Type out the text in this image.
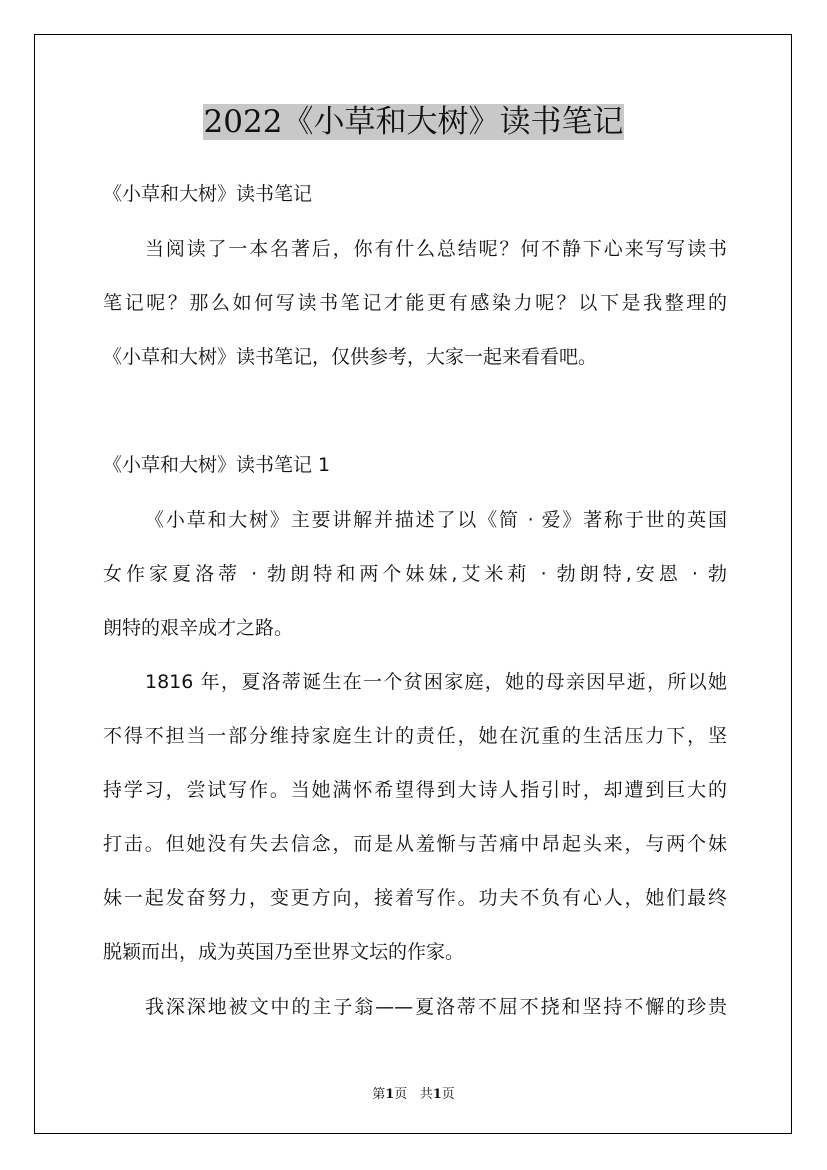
2022《小草和大树》读书笔记
《小草和大树》读书笔记
当阅读了一本名著后，你有什么总结呢？何不静下心来写写读书
笔记呢？那么如何写读书笔记才能更有感染力呢？以下是我整理的
《小草和大树》读书笔记，仅供参考，大家一起来看看吧。
《小草和大树》读书笔记 1
《小草和大树》主要讲解并描述了以《简 · 爱》著称于世的英国
女作家夏洛蒂 · 勃朗特和两个妹妹,艾米莉 · 勃朗特,安恩 · 勃
朗特的艰辛成才之路。
1816 年，夏洛蒂诞生在一个贫困家庭，她的母亲因早逝，所以她
不得不担当一部分维持家庭生计的责任，她在沉重的生活压力下，坚
持学习，尝试写作。当她满怀希望得到大诗人指引时，却遭到巨大的
打击。但她没有失去信念，而是从羞惭与苦痛中昂起头来，与两个妹
妹一起发奋努力，变更方向，接着写作。功夫不负有心人，她们最终
脱颖而出，成为英国乃至世界文坛的作家。
我深深地被文中的主子翁——夏洛蒂不屈不挠和坚持不懈的珍贵
第1页 共1页
